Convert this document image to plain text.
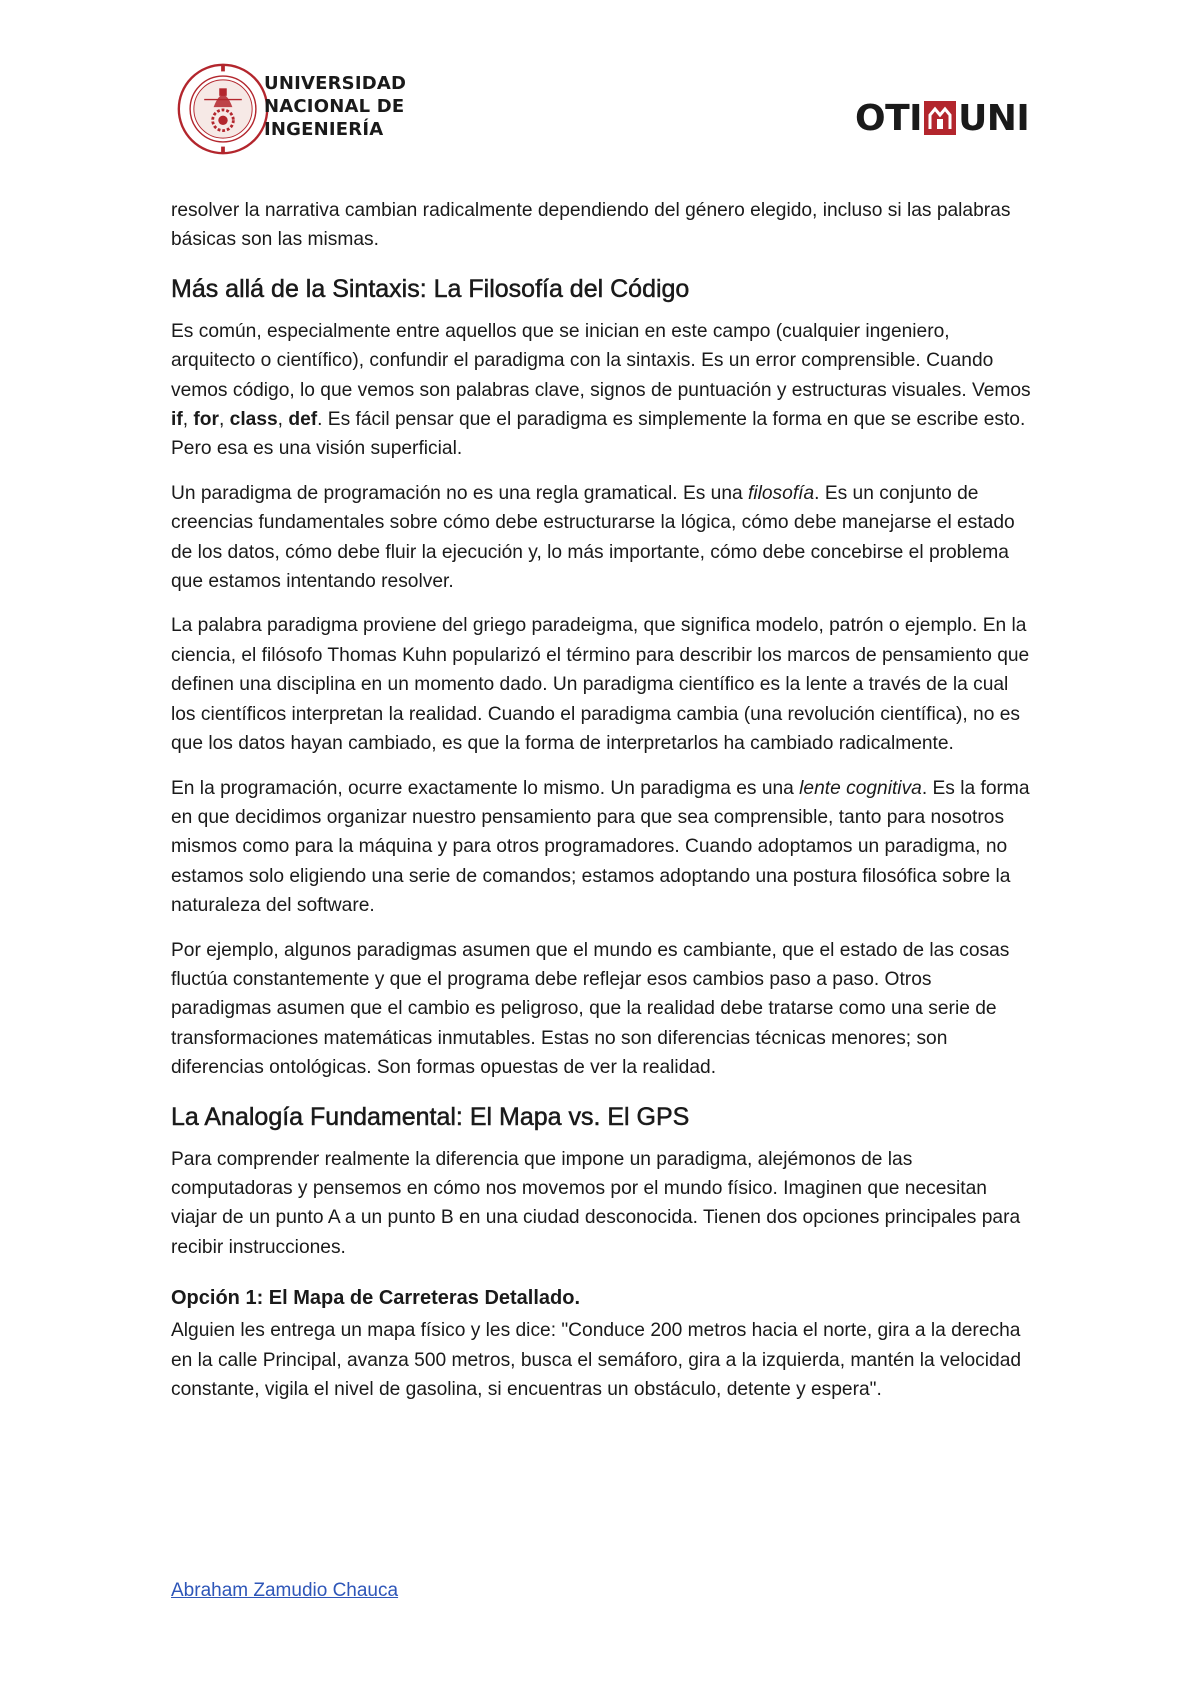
UNIVERSIDAD
NACIONAL DE
INGENIERÍA	OTI UNI

resolver la narrativa cambian radicalmente dependiendo del género elegido, incluso si las palabras básicas son las mismas.

Más allá de la Sintaxis: La Filosofía del Código

Es común, especialmente entre aquellos que se inician en este campo (cualquier ingeniero, arquitecto o científico), confundir el paradigma con la sintaxis. Es un error comprensible. Cuando vemos código, lo que vemos son palabras clave, signos de puntuación y estructuras visuales. Vemos if, for, class, def. Es fácil pensar que el paradigma es simplemente la forma en que se escribe esto. Pero esa es una visión superficial.

Un paradigma de programación no es una regla gramatical. Es una filosofía. Es un conjunto de creencias fundamentales sobre cómo debe estructurarse la lógica, cómo debe manejarse el estado de los datos, cómo debe fluir la ejecución y, lo más importante, cómo debe concebirse el problema que estamos intentando resolver.

La palabra paradigma proviene del griego paradeigma, que significa modelo, patrón o ejemplo. En la ciencia, el filósofo Thomas Kuhn popularizó el término para describir los marcos de pensamiento que definen una disciplina en un momento dado. Un paradigma científico es la lente a través de la cual los científicos interpretan la realidad. Cuando el paradigma cambia (una revolución científica), no es que los datos hayan cambiado, es que la forma de interpretarlos ha cambiado radicalmente.

En la programación, ocurre exactamente lo mismo. Un paradigma es una lente cognitiva. Es la forma en que decidimos organizar nuestro pensamiento para que sea comprensible, tanto para nosotros mismos como para la máquina y para otros programadores. Cuando adoptamos un paradigma, no estamos solo eligiendo una serie de comandos; estamos adoptando una postura filosófica sobre la naturaleza del software.

Por ejemplo, algunos paradigmas asumen que el mundo es cambiante, que el estado de las cosas fluctúa constantemente y que el programa debe reflejar esos cambios paso a paso. Otros paradigmas asumen que el cambio es peligroso, que la realidad debe tratarse como una serie de transformaciones matemáticas inmutables. Estas no son diferencias técnicas menores; son diferencias ontológicas. Son formas opuestas de ver la realidad.

La Analogía Fundamental: El Mapa vs. El GPS

Para comprender realmente la diferencia que impone un paradigma, alejémonos de las computadoras y pensemos en cómo nos movemos por el mundo físico. Imaginen que necesitan viajar de un punto A a un punto B en una ciudad desconocida. Tienen dos opciones principales para recibir instrucciones.

Opción 1: El Mapa de Carreteras Detallado.

Alguien les entrega un mapa físico y les dice: "Conduce 200 metros hacia el norte, gira a la derecha en la calle Principal, avanza 500 metros, busca el semáforo, gira a la izquierda, mantén la velocidad constante, vigila el nivel de gasolina, si encuentras un obstáculo, detente y espera".

Abraham Zamudio Chauca
